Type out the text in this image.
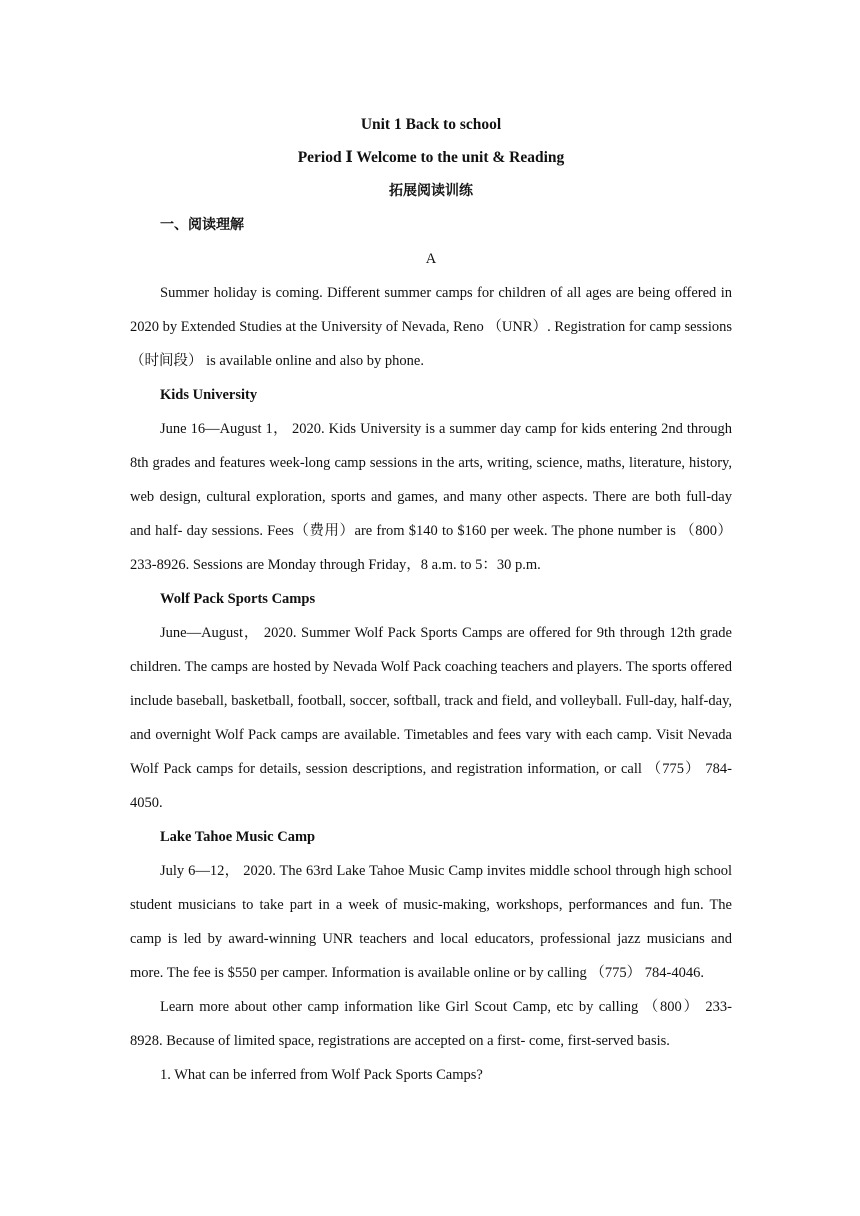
Unit 1 Back to school
Period Ⅰ Welcome to the unit & Reading
拓展阅读训练
一、阅读理解
A

Summer holiday is coming. Different summer camps for children of all ages are being offered in 2020 by Extended Studies at the University of Nevada, Reno （UNR）. Registration for camp sessions （时间段） is available online and also by phone.

Kids University

June 16—August 1， 2020. Kids University is a summer day camp for kids entering 2nd through 8th grades and features week-long camp sessions in the arts, writing, science, maths, literature, history, web design, cultural exploration, sports and games, and many other aspects. There are both full-day and half- day sessions. Fees（费用）are from $140 to $160 per week. The phone number is （800） 233-8926. Sessions are Monday through Friday，8 a.m. to 5：30 p.m.

Wolf Pack Sports Camps

June—August， 2020. Summer Wolf Pack Sports Camps are offered for 9th through 12th grade children. The camps are hosted by Nevada Wolf Pack coaching teachers and players. The sports offered include baseball, basketball, football, soccer, softball, track and field, and volleyball. Full-day, half-day, and overnight Wolf Pack camps are available. Timetables and fees vary with each camp. Visit Nevada Wolf Pack camps for details, session descriptions, and registration information, or call （775） 784-4050.

Lake Tahoe Music Camp

July 6—12， 2020. The 63rd Lake Tahoe Music Camp invites middle school through high school student musicians to take part in a week of music-making, workshops, performances and fun. The camp is led by award-winning UNR teachers and local educators, professional jazz musicians and more. The fee is $550 per camper. Information is available online or by calling （775） 784-4046.

Learn more about other camp information like Girl Scout Camp, etc by calling （800） 233-8928. Because of limited space, registrations are accepted on a first- come, first-served basis.

1. What can be inferred from Wolf Pack Sports Camps?
